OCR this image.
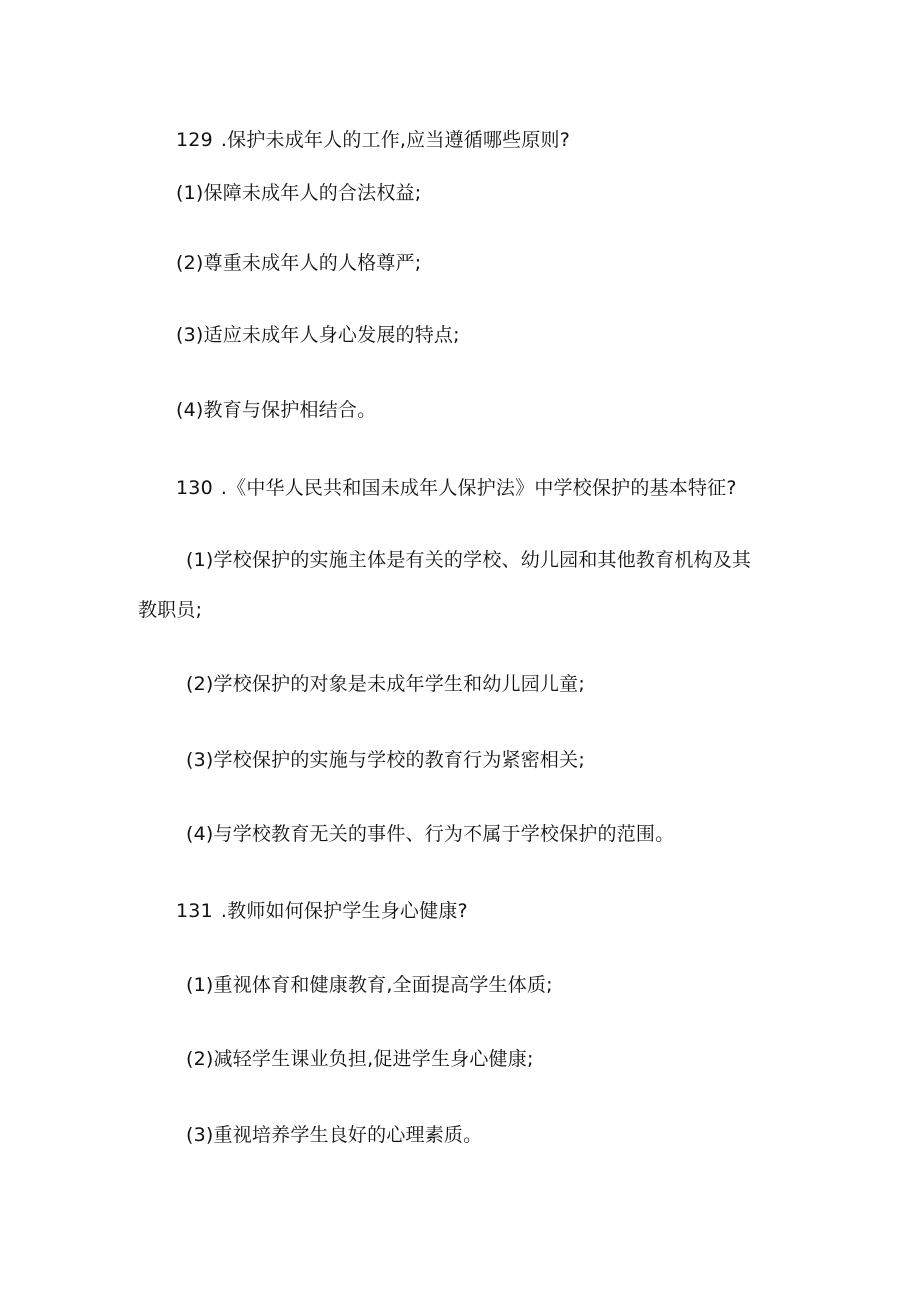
129 .保护未成年人的工作,应当遵循哪些原则?
(1)保障未成年人的合法权益;
(2)尊重未成年人的人格尊严;
(3)适应未成年人身心发展的特点;
(4)教育与保护相结合。
130 .《中华人民共和国未成年人保护法》中学校保护的基本特征?
(1)学校保护的实施主体是有关的学校、幼儿园和其他教育机构及其
教职员;
(2)学校保护的对象是未成年学生和幼儿园儿童;
(3)学校保护的实施与学校的教育行为紧密相关;
(4)与学校教育无关的事件、行为不属于学校保护的范围。
131 .教师如何保护学生身心健康?
(1)重视体育和健康教育,全面提高学生体质;
(2)减轻学生课业负担,促进学生身心健康;
(3)重视培养学生良好的心理素质。
